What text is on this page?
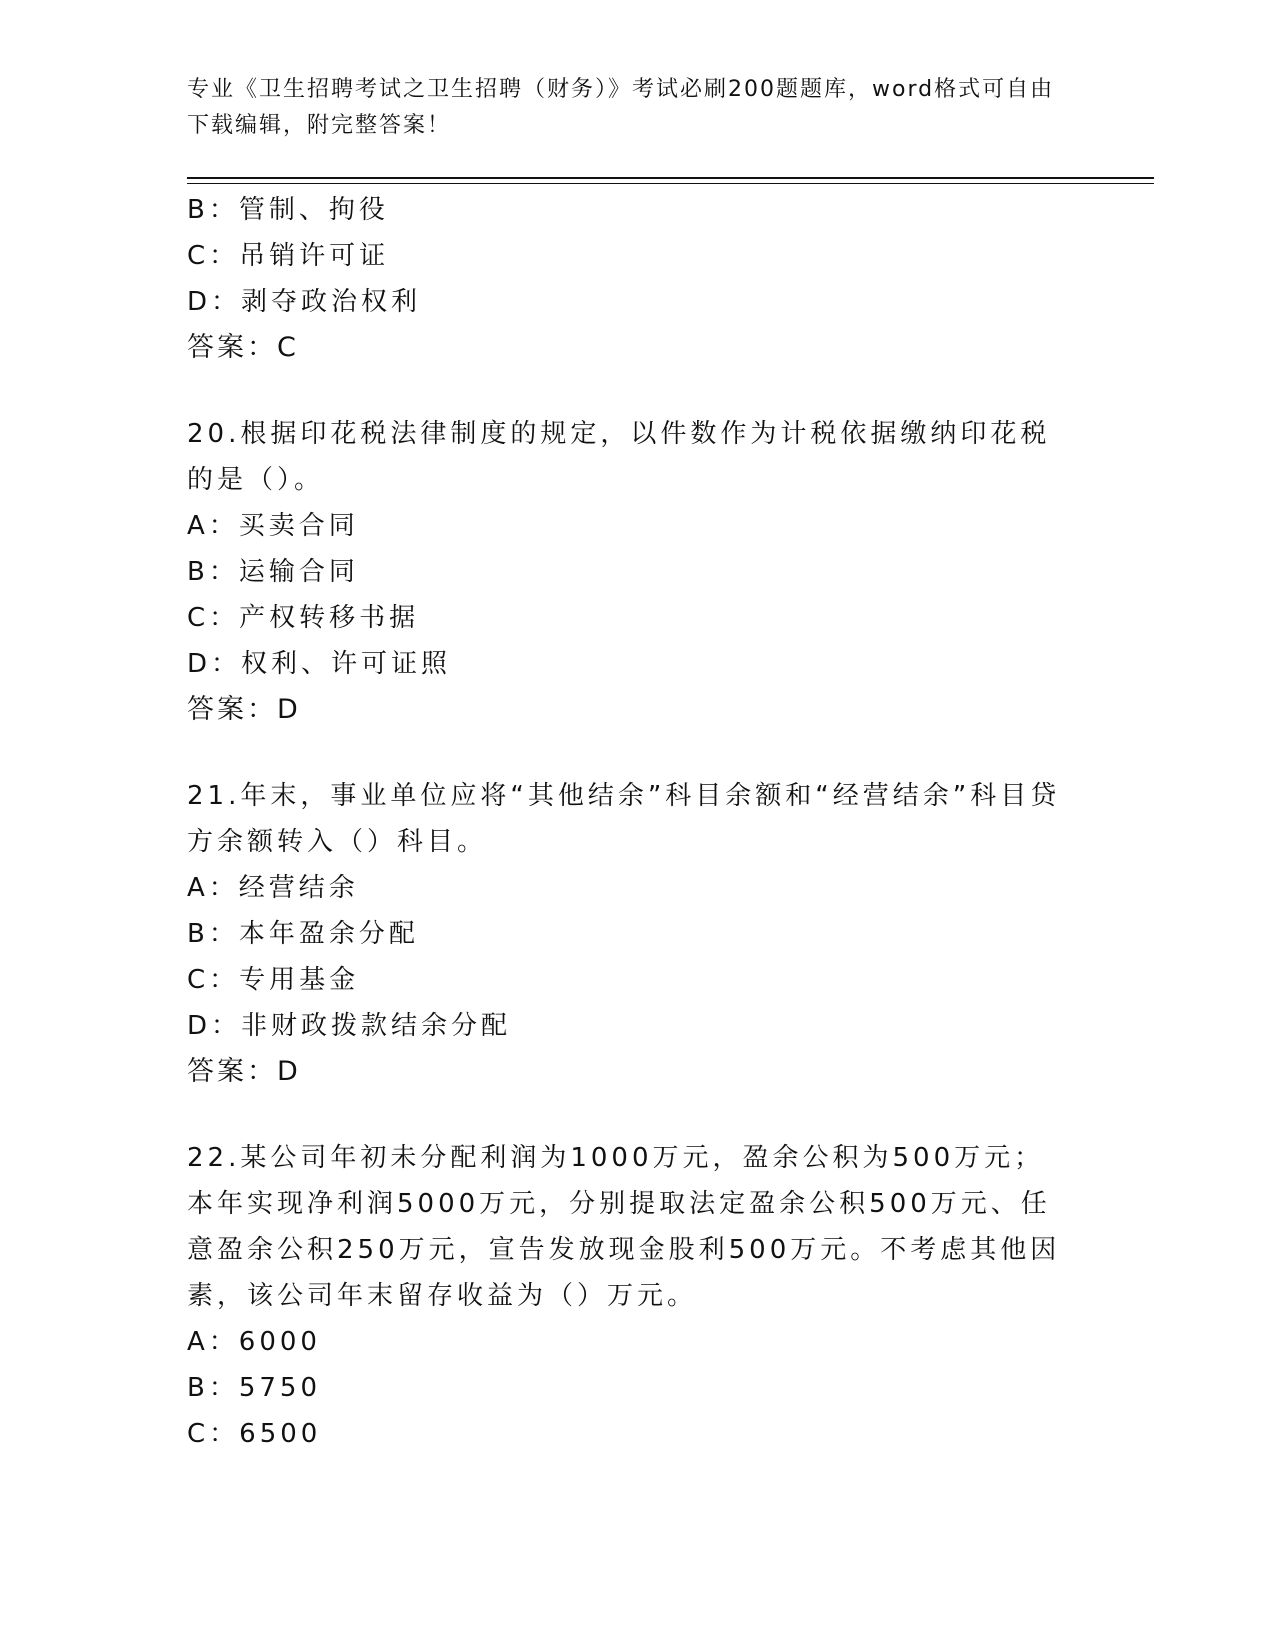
专业《卫生招聘考试之卫生招聘（财务）》考试必刷200题题库，word格式可自由下载编辑，附完整答案！
B：管制、拘役
C：吊销许可证
D：剥夺政治权利
答案：C
20.根据印花税法律制度的规定，以件数作为计税依据缴纳印花税的是（）。
A：买卖合同
B：运输合同
C：产权转移书据
D：权利、许可证照
答案：D
21.年末，事业单位应将“其他结余”科目余额和“经营结余”科目贷方余额转入（）科目。
A：经营结余
B：本年盈余分配
C：专用基金
D：非财政拨款结余分配
答案：D
22.某公司年初未分配利润为1000万元，盈余公积为500万元；本年实现净利润5000万元，分别提取法定盈余公积500万元、任意盈余公积250万元，宣告发放现金股利500万元。不考虑其他因素，该公司年末留存收益为（）万元。
A：6000
B：5750
C：6500
